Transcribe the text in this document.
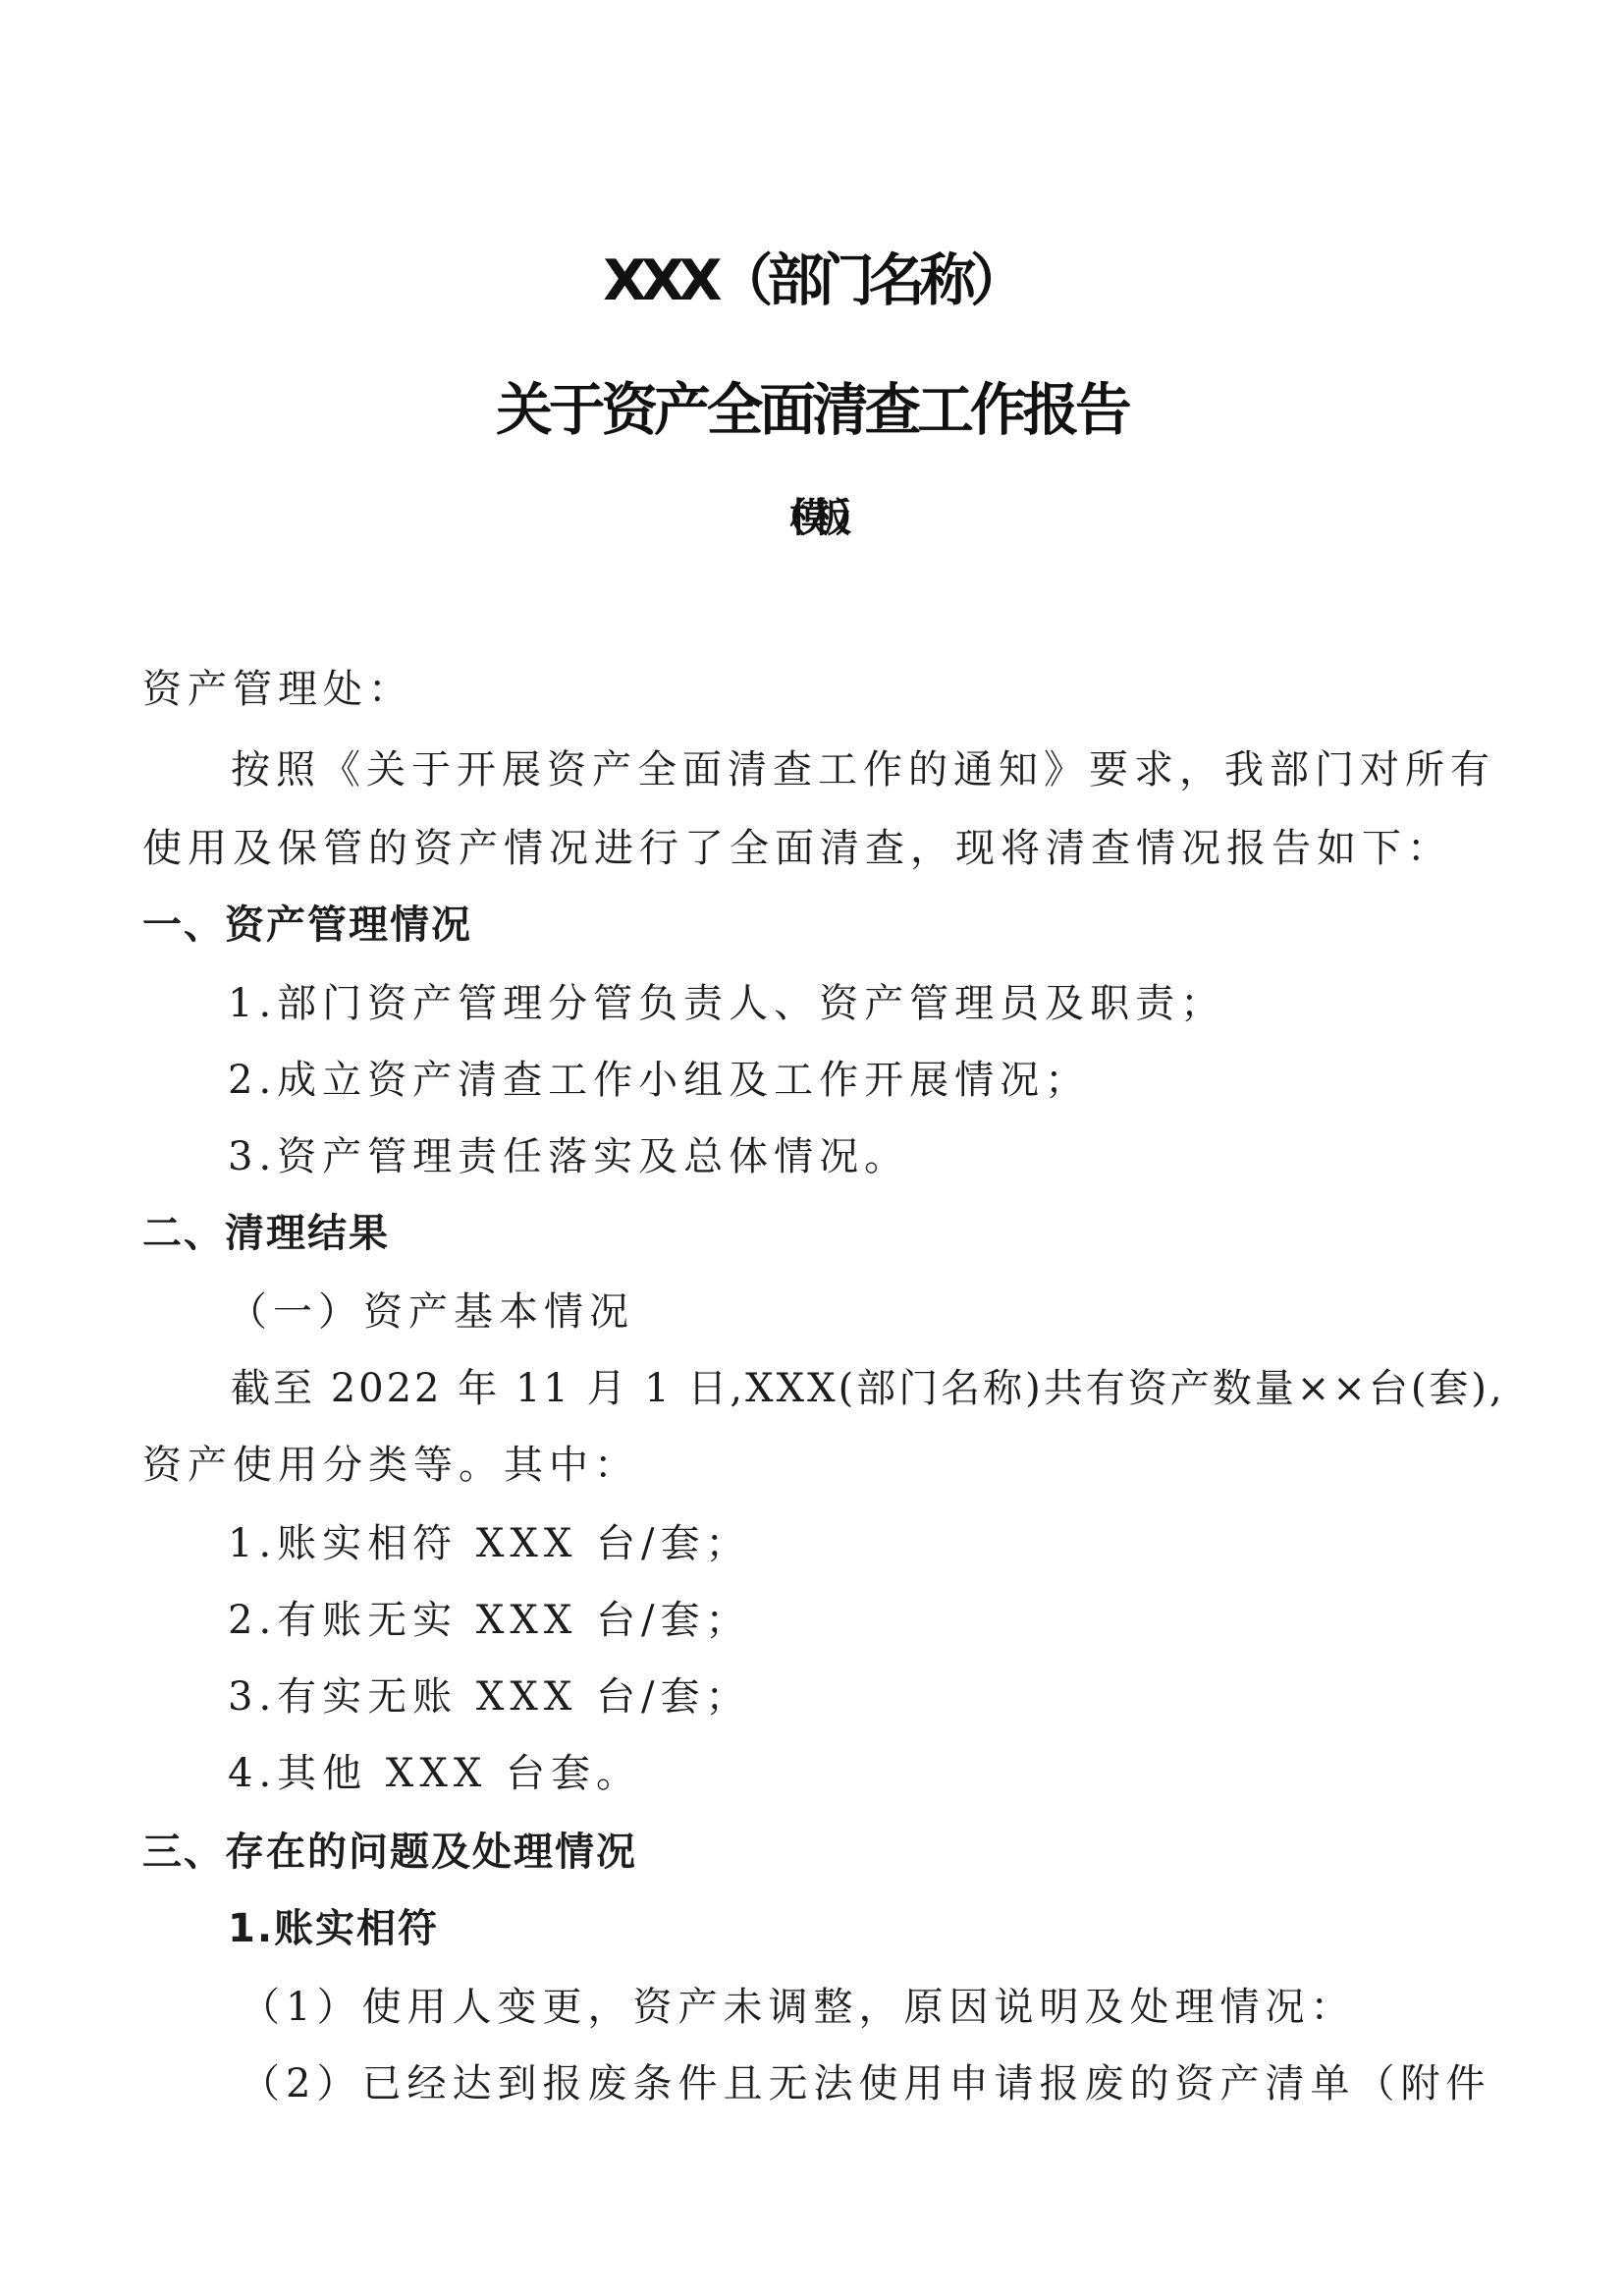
XXX（部门名称）
关于资产全面清查工作报告
（模板）
资产管理处：
按照《关于开展资产全面清查工作的通知》要求，我部门对所有
使用及保管的资产情况进行了全面清查，现将清查情况报告如下：
一、资产管理情况
1.部门资产管理分管负责人、资产管理员及职责；
2.成立资产清查工作小组及工作开展情况；
3.资产管理责任落实及总体情况。
二、清理结果
（一）资产基本情况
截至 2022 年 11 月 1 日,XXX(部门名称)共有资产数量××台(套),
资产使用分类等。其中：
1.账实相符 XXX 台/套；
2.有账无实 XXX 台/套；
3.有实无账 XXX 台/套；
4.其他 XXX 台套。
三、存在的问题及处理情况
1.账实相符
（1）使用人变更，资产未调整，原因说明及处理情况：
（2）已经达到报废条件且无法使用申请报废的资产清单（附件
